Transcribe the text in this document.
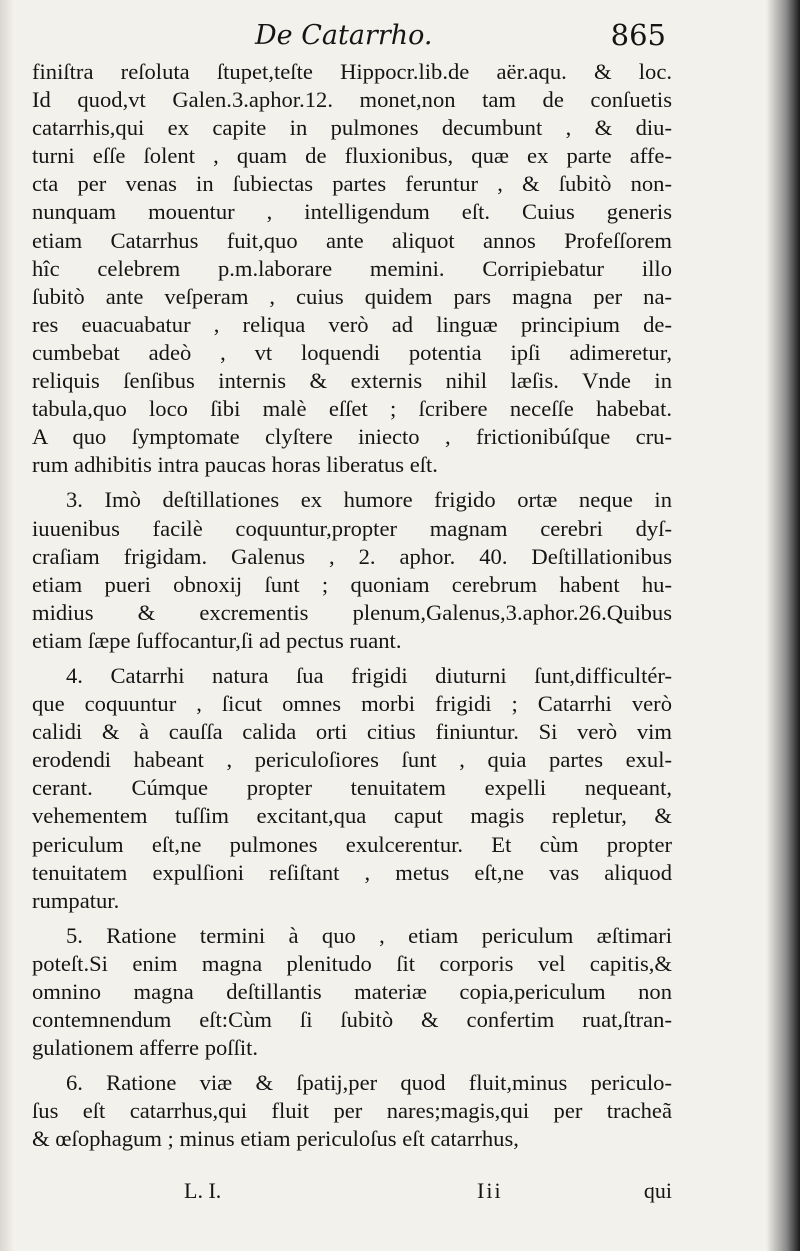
De Catarrho.	865
finiſtra reſoluta ſtupet,teſte Hippocr.lib.de aër.aqu. & loc.
Id quod,vt Galen.3.aphor.12. monet,non tam de conſuetis
catarrhis,qui ex capite in pulmones decumbunt , & diu-
turni eſſe ſolent , quam de fluxionibus, quæ ex parte affe-
cta per venas in ſubiectas partes feruntur , & ſubitò non-
nunquam mouentur , intelligendum eſt. Cuius generis
etiam Catarrhus fuit,quo ante aliquot annos Profeſſorem
hîc celebrem p.m.laborare memini. Corripiebatur illo
ſubitò ante veſperam , cuius quidem pars magna per na-
res euacuabatur , reliqua verò ad linguæ principium de-
cumbebat adeò , vt loquendi potentia ipſi adimeretur,
reliquis ſenſibus internis & externis nihil læſis. Vnde in
tabula,quo loco ſibi malè eſſet ; ſcribere neceſſe habebat.
A quo ſymptomate clyſtere iniecto , frictionibúſque cru-
rum adhibitis intra paucas horas liberatus eſt.
3. Imò deſtillationes ex humore frigido ortæ neque in
iuuenibus facilè coquuntur,propter magnam cerebri dyſ-
craſiam frigidam. Galenus , 2. aphor. 40. Deſtillationibus
etiam pueri obnoxij ſunt ; quoniam cerebrum habent hu-
midius & excrementis plenum,Galenus,3.aphor.26.Quibus
etiam ſæpe ſuffocantur,ſi ad pectus ruant.
4. Catarrhi natura ſua frigidi diuturni ſunt,difficultér-
que coquuntur , ſicut omnes morbi frigidi ; Catarrhi verò
calidi & à cauſſa calida orti citius finiuntur. Si verò vim
erodendi habeant , periculoſiores ſunt , quia partes exul-
cerant. Cúmque propter tenuitatem expelli nequeant,
vehementem tuſſim excitant,qua caput magis repletur, &
periculum eſt,ne pulmones exulcerentur. Et cùm propter
tenuitatem expulſioni reſiſtant , metus eſt,ne vas aliquod
rumpatur.
5. Ratione termini à quo , etiam periculum æſtimari
poteſt.Si enim magna plenitudo ſit corporis vel capitis,&
omnino magna deſtillantis materiæ copia,periculum non
contemnendum eſt:Cùm ſi ſubitò & confertim ruat,ſtran-
gulationem afferre poſſit.
6. Ratione viæ & ſpatij,per quod fluit,minus periculo-
ſus eſt catarrhus,qui fluit per nares;magis,qui per tracheã
& œſophagum ; minus etiam periculoſus eſt catarrhus,
L. I.	Iii	qui
